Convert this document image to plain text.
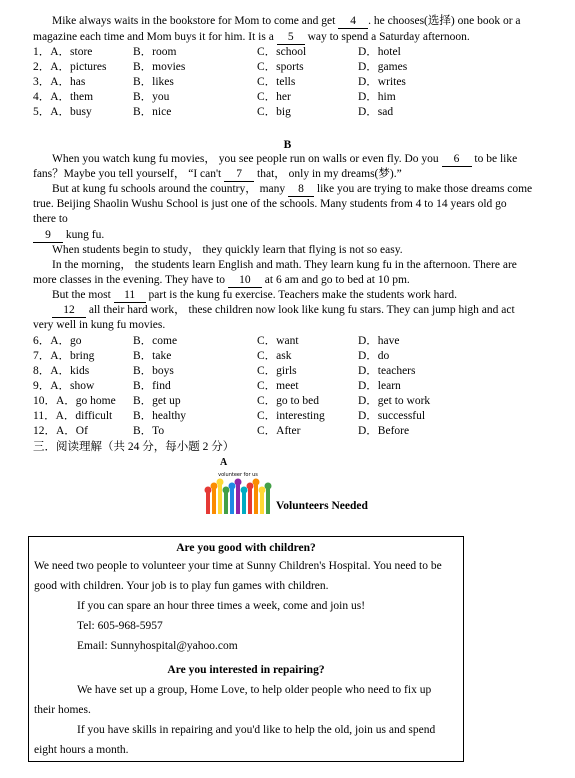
Mike always waits in the bookstore for Mom to come and get 4 . he chooses(选择) one book or a
magazine each time and Mom buys it for him. It is a 5 way to spend a Saturday afternoon.
1．A．store	B．room	C．school	D．hotel
2．A．pictures B．movies	C．sports	D．games
3．A．has	B．likes	C．tells	D．writes
4．A．them	B．you	C．her	D．him
5．A．busy	B．nice	C．big	D．sad
B
When you watch kung fu movies， you see people run on walls or even fly. Do you 6 to be like
fans？Maybe you tell yourself， “I can't 7 that， only in my dreams(梦).”
But at kung fu schools around the country， many 8 like you are trying to make those dreams come
true. Beijing Shaolin Wushu School is just one of the schools. Many students from 4 to 14 years old go
there to
9 kung fu.
When students begin to study， they quickly learn that flying is not so easy.
In the morning， the students learn English and math. They learn kung fu in the afternoon. There are
more classes in the evening. They have to 10 at 6 am and go to bed at 10 pm.
But the most 11 part is the kung fu exercise. Teachers make the students work hard.
12 all their hard work， these children now look like kung fu stars. They can jump high and act
very well in kung fu movies.
6．A．go	B．come	C．want	D．have
7．A．bring	B．take	C．ask	D．do
8．A．kids	B．boys	C．girls	D．teachers
9．A．show	B．find	C．meet	D．learn
10．A．go home B．get up	C．go to bed	D．get to work
11．A．difficult B．healthy	C．interesting	D．successful
12．A．Of	B．To	C．After	D．Before
三．阅读理解（共 24 分，每小题 2 分）
A
volunteer for us
Volunteers Needed
Are you good with children?
We need two people to volunteer your time at Sunny Children's Hospital. You need to be
good with children. Your job is to play fun games with children.
If you can spare an hour three times a week, come and join us!
Tel: 605-968-5957
Email: Sunnyhospital@yahoo.com
Are you interested in repairing?
We have set up a group, Home Love, to help older people who need to fix up
their homes.
If you have skills in repairing and you'd like to help the old, join us and spend
eight hours a month.
